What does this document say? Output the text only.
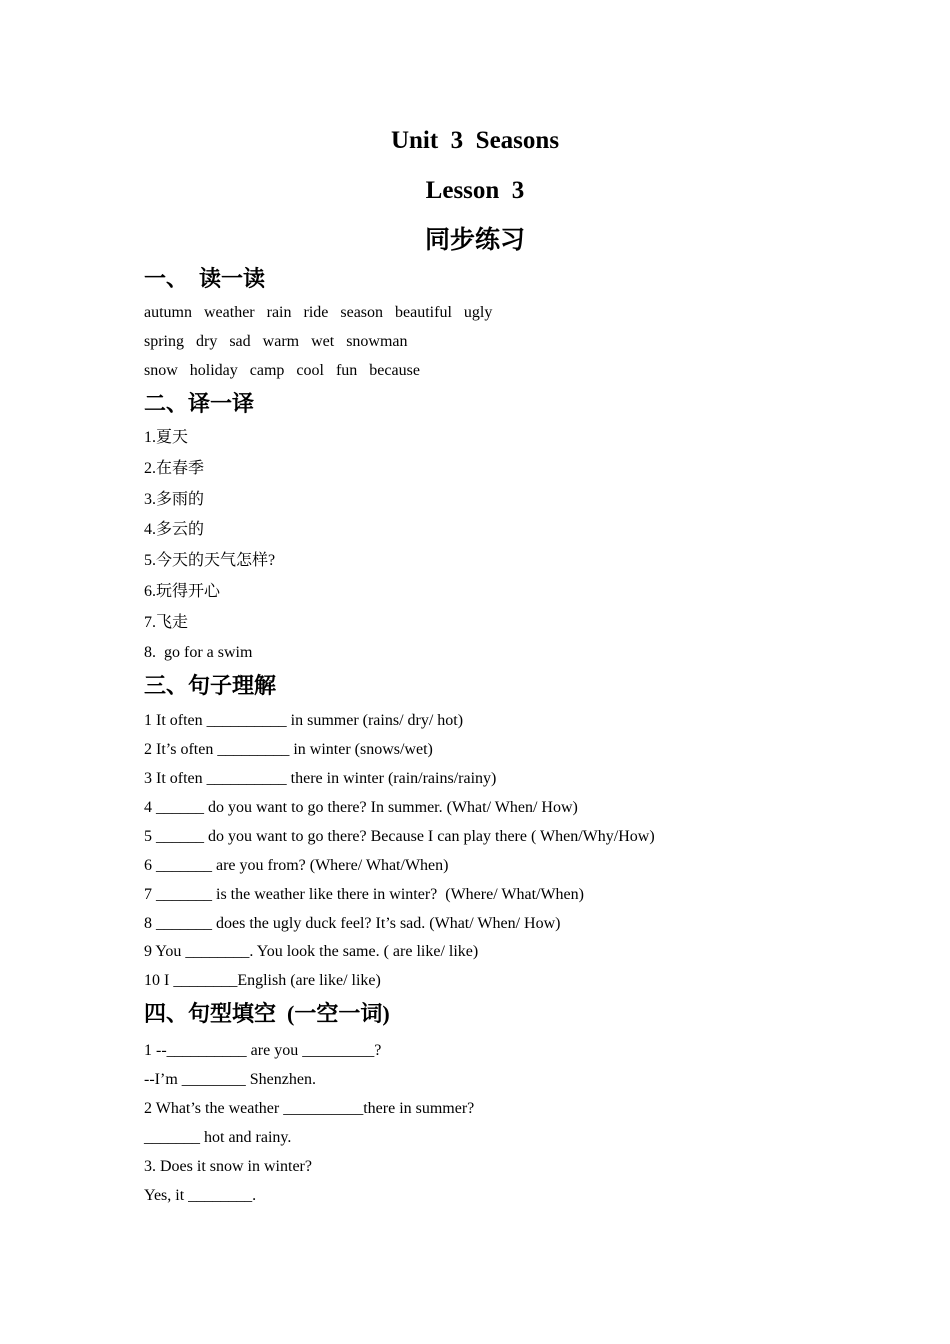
Unit  3  Seasons
Lesson  3
同步练习
一、  读一读
autumn   weather   rain   ride   season   beautiful   ugly
spring   dry   sad   warm   wet   snowman
snow   holiday   camp   cool   fun   because
二、译一译
1.夏天
2.在春季
3.多雨的
4.多云的
5.今天的天气怎样?
6.玩得开心
7.飞走
8.  go for a swim
三、句子理解
1 It often __________ in summer (rains/ dry/ hot)
2 It’s often _________ in winter (snows/wet)
3 It often __________ there in winter (rain/rains/rainy)
4 ______ do you want to go there? In summer. (What/ When/ How)
5 ______ do you want to go there? Because I can play there ( When/Why/How)
6 _______ are you from? (Where/ What/When)
7 _______ is the weather like there in winter?  (Where/ What/When)
8 _______ does the ugly duck feel? It’s sad. (What/ When/ How)
9 You ________. You look the same. ( are like/ like)
10 I ________English (are like/ like)
四、句型填空  (一空一词)
1 --__________ are you _________?
--I’m ________ Shenzhen.
2 What’s the weather __________there in summer?
_______ hot and rainy.
3. Does it snow in winter?
Yes, it ________.
